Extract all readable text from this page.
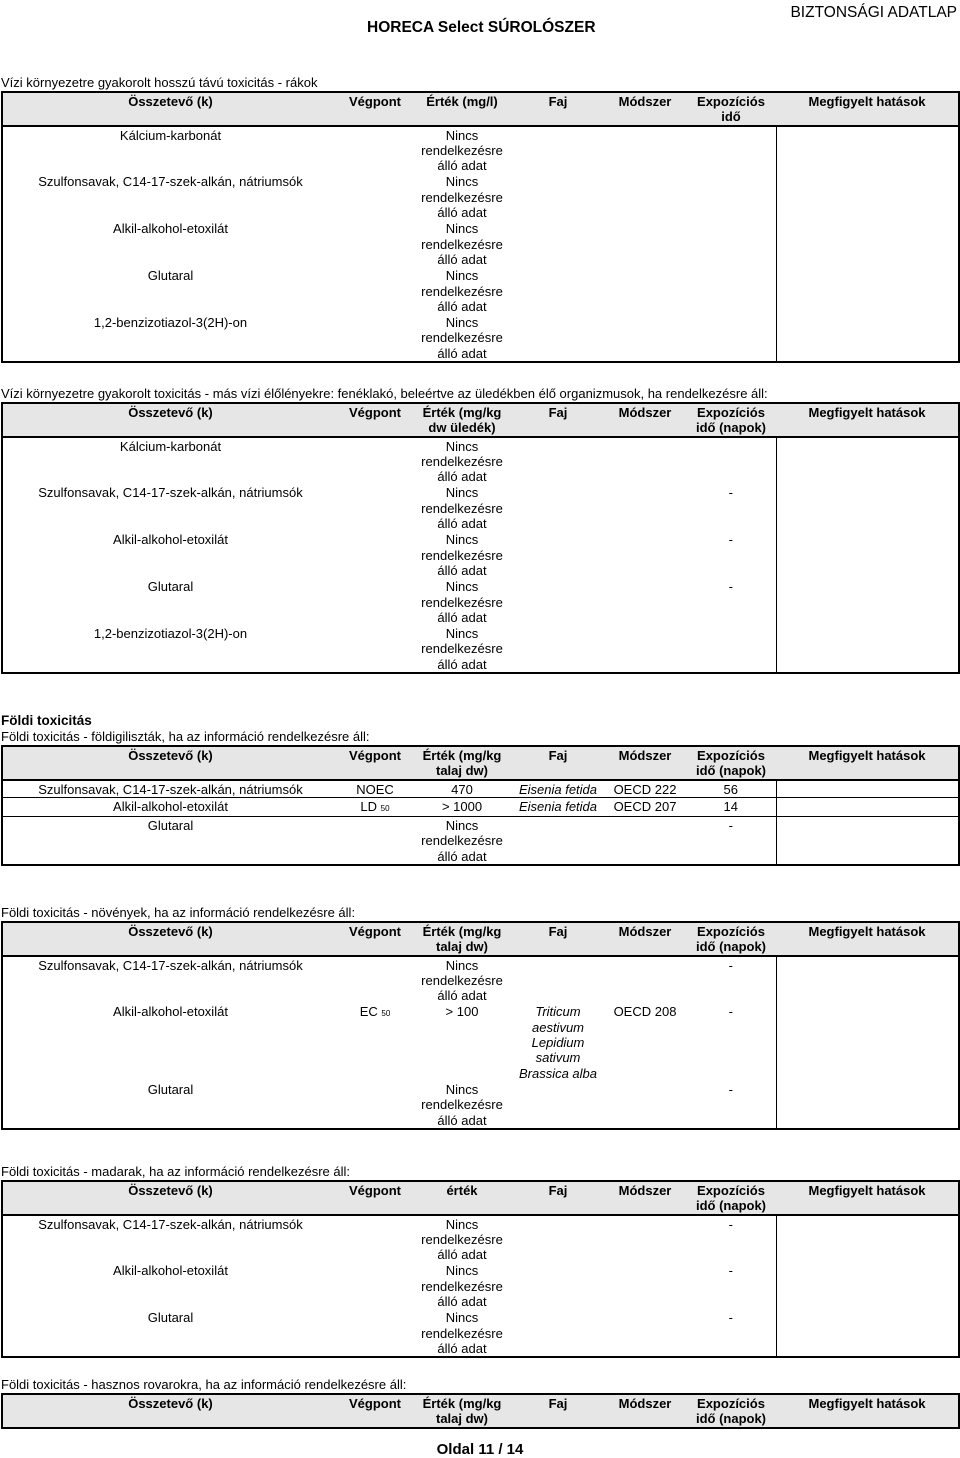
HORECA Select SÚROLÓSZER
BIZTONSÁGI ADATLAP
Vízi környezetre gyakorolt hosszú távú toxicitás - rákok
Összetevő (k)	Végpont	Érték (mg/l)	Faj	Módszer	Expozíciós idő	Megfigyelt hatások
Kálcium-karbonát		Nincs
rendelkezésre
álló adat				

Szulfonsavak, C14-17-szek-alkán, nátriumsók		Nincs
rendelkezésre
álló adat				

Alkil-alkohol-etoxilát		Nincs
rendelkezésre
álló adat				

Glutaral		Nincs
rendelkezésre
álló adat				

1,2-benzizotiazol-3(2H)-on		Nincs
rendelkezésre
álló adat				

Vízi környezetre gyakorolt toxicitás - más vízi élőlényekre: fenéklakó, beleértve az üledékben élő organizmusok, ha rendelkezésre áll:
Összetevő (k)	Végpont	Érték (mg/kg dw üledék)	Faj	Módszer	Expozíciós idő (napok)	Megfigyelt hatások
Kálcium-karbonát		Nincs
rendelkezésre
álló adat				

Szulfonsavak, C14-17-szek-alkán, nátriumsók		Nincs
rendelkezésre
álló adat			-	
Alkil-alkohol-etoxilát		Nincs
rendelkezésre
álló adat			-	
Glutaral		Nincs
rendelkezésre
álló adat			-	
1,2-benzizotiazol-3(2H)-on		Nincs
rendelkezésre
álló adat				

Földi toxicitás
Földi toxicitás - földigiliszták, ha az információ rendelkezésre áll:
Összetevő (k)	Végpont	Érték (mg/kg talaj dw)	Faj	Módszer	Expozíciós idő (napok)	Megfigyelt hatások
Szulfonsavak, C14-17-szek-alkán, nátriumsók	NOEC	470	Eisenia fetida	OECD 222	56	
Alkil-alkohol-etoxilát	LD 50	> 1000	Eisenia fetida	OECD 207	14	
Glutaral		Nincs
rendelkezésre
álló adat			-	
Földi toxicitás - növények, ha az információ rendelkezésre áll:
Összetevő (k)	Végpont	Érték (mg/kg talaj dw)	Faj	Módszer	Expozíciós idő (napok)	Megfigyelt hatások
Szulfonsavak, C14-17-szek-alkán, nátriumsók		Nincs
rendelkezésre
álló adat			-	
Alkil-alkohol-etoxilát	EC 50	> 100	Triticum
aestivum
Lepidium
sativum
Brassica alba	OECD 208	-	
Glutaral		Nincs
rendelkezésre
álló adat			-	
Földi toxicitás - madarak, ha az információ rendelkezésre áll:
Összetevő (k)	Végpont	érték	Faj	Módszer	Expozíciós idő (napok)	Megfigyelt hatások
Szulfonsavak, C14-17-szek-alkán, nátriumsók		Nincs
rendelkezésre
álló adat			-	
Alkil-alkohol-etoxilát		Nincs
rendelkezésre
álló adat			-	
Glutaral		Nincs
rendelkezésre
álló adat			-	
Földi toxicitás - hasznos rovarokra, ha az információ rendelkezésre áll:
Összetevő (k)	Végpont	Érték (mg/kg talaj dw)	Faj	Módszer	Expozíciós idő (napok)	Megfigyelt hatások
Oldal 11 / 14
